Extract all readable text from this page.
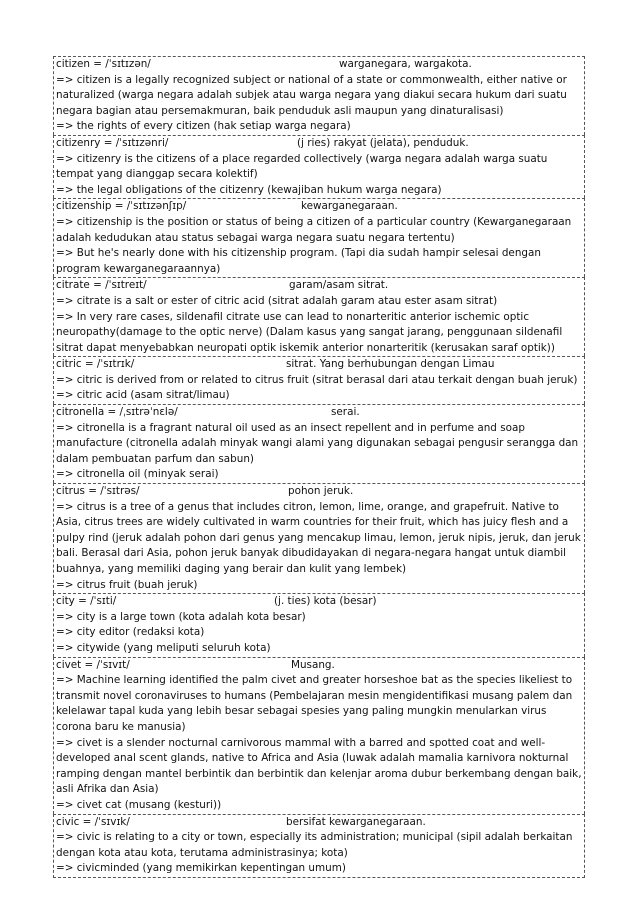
citizen = /ˈsɪtɪzən/	warganegara, wargakota.
=> citizen is a legally recognized subject or national of a state or commonwealth, either native or naturalized (warga negara adalah subjek atau warga negara yang diakui secara hukum dari suatu negara bagian atau persemakmuran, baik penduduk asli maupun yang dinaturalisasi)
=> the rights of every citizen (hak setiap warga negara)
citizenry = /ˈsɪtɪzənri/	(j ries) rakyat (jelata), penduduk.
=> citizenry is the citizens of a place regarded collectively (warga negara adalah warga suatu tempat yang dianggap secara kolektif)
=> the legal obligations of the citizenry (kewajiban hukum warga negara)
citizenship = /ˈsɪtɪzənʃɪp/	kewarganegaraan.
=> citizenship is the position or status of being a citizen of a particular country (Kewarganegaraan adalah kedudukan atau status sebagai warga negara suatu negara tertentu)
=> But he's nearly done with his citizenship program. (Tapi dia sudah hampir selesai dengan program kewarganegaraannya)
citrate = /ˈsɪtreɪt/	garam/asam sitrat.
=> citrate is a salt or ester of citric acid (sitrat adalah garam atau ester asam sitrat)
=> In very rare cases, sildenafil citrate use can lead to nonarteritic anterior ischemic optic neuropathy(damage to the optic nerve) (Dalam kasus yang sangat jarang, penggunaan sildenafil sitrat dapat menyebabkan neuropati optik iskemik anterior nonarteritik (kerusakan saraf optik))
citric = /ˈsɪtrɪk/	sitrat. Yang berhubungan dengan Limau
=> citric is derived from or related to citrus fruit (sitrat berasal dari atau terkait dengan buah jeruk)
=> citric acid (asam sitrat/limau)
citronella = /ˌsɪtrəˈnɛlə/	serai.
=> citronella is a fragrant natural oil used as an insect repellent and in perfume and soap manufacture (citronella adalah minyak wangi alami yang digunakan sebagai pengusir serangga dan dalam pembuatan parfum dan sabun)
=> citronella oil (minyak serai)
citrus = /ˈsɪtrəs/	pohon jeruk.
=> citrus is a tree of a genus that includes citron, lemon, lime, orange, and grapefruit. Native to Asia, citrus trees are widely cultivated in warm countries for their fruit, which has juicy flesh and a pulpy rind (jeruk adalah pohon dari genus yang mencakup limau, lemon, jeruk nipis, jeruk, dan jeruk bali. Berasal dari Asia, pohon jeruk banyak dibudidayakan di negara-negara hangat untuk diambil buahnya, yang memiliki daging yang berair dan kulit yang lembek)
=> citrus fruit (buah jeruk)
city = /ˈsɪti/	(j. ties) kota (besar)
=> city is a large town (kota adalah kota besar)
=> city editor (redaksi kota)
=> citywide (yang meliputi seluruh kota)
civet = /ˈsɪvɪt/	Musang.
=> Machine learning identified the palm civet and greater horseshoe bat as the species likeliest to transmit novel coronaviruses to humans (Pembelajaran mesin mengidentifikasi musang palem dan kelelawar tapal kuda yang lebih besar sebagai spesies yang paling mungkin menularkan virus corona baru ke manusia)
=> civet is a slender nocturnal carnivorous mammal with a barred and spotted coat and well-developed anal scent glands, native to Africa and Asia (luwak adalah mamalia karnivora nokturnal ramping dengan mantel berbintik dan berbintik dan kelenjar aroma dubur berkembang dengan baik, asli Afrika dan Asia)
=> civet cat (musang (kesturi))
civic = /ˈsɪvɪk/	bersifat kewarganegaraan.
=> civic is relating to a city or town, especially its administration; municipal (sipil adalah berkaitan dengan kota atau kota, terutama administrasinya; kota)
=> civicminded (yang memikirkan kepentingan umum)
